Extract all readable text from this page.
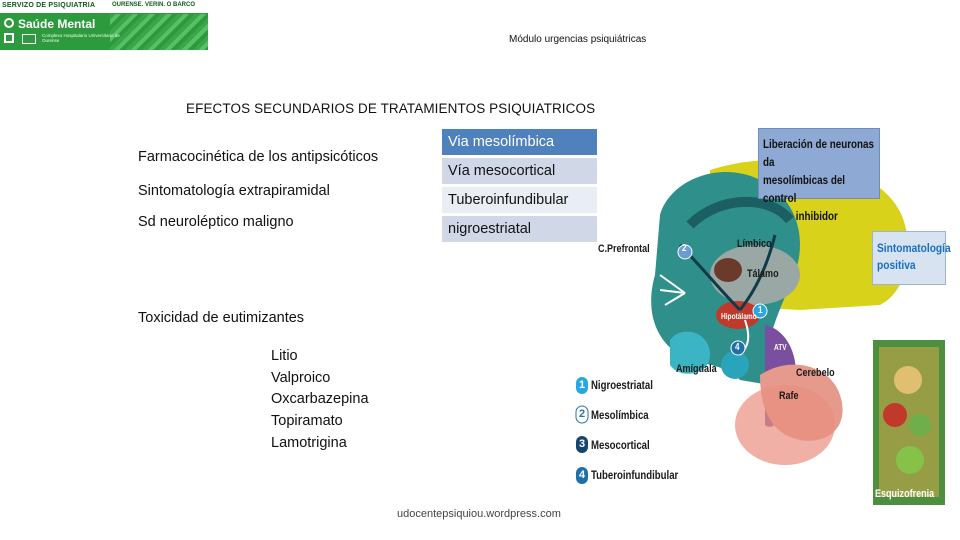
SERVIZO DE PSIQUIATRIA	OURENSE. VERIN. O BARCO
Saúde Mental
Complexo Hospitalario Universitario de Ourense	Módulo urgencias psiquiátricas
EFECTOS SECUNDARIOS DE TRATAMIENTOS PSIQUIATRICOS
Farmacocinética de los antipsicóticos
Sintomatología extrapiramidal
Sd neuroléptico maligno
Toxicidad de eutimizantes
Via mesolímbica
Vía mesocortical
Tuberoinfundibular
nigroestriatal
Litio
Valproico
Oxcarbazepina
Topiramato
Lamotrigina
C.Prefrontal	Límbico
Tálamo
Hipotálamo
Amígdala	Cerebelo
Rafe
ATV
Esquizofrenia
2
1
4
Liberación de neuronas da
mesolímbicas del control
inhibidor
Sintomatología
positiva
1 Nigroestriatal
2 Mesolímbica
3 Mesocortical
4 Tuberoinfundibular
udocentepsiquiou.wordpress.com
